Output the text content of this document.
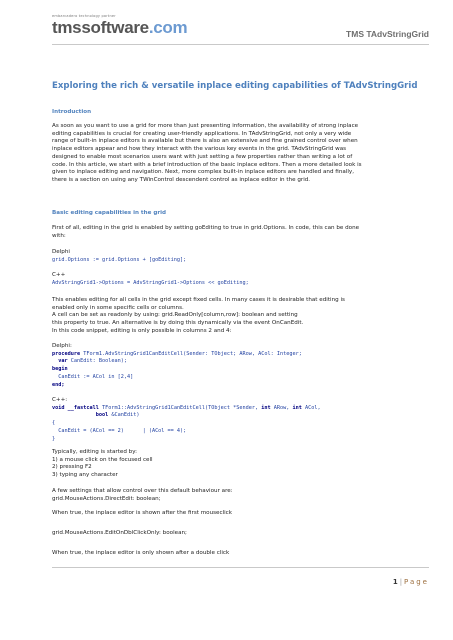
embarcadero technology partner
tmssoftware.com	TMS TAdvStringGrid
Exploring the rich & versatile inplace editing capabilities of TAdvStringGrid
Introduction

As soon as you want to use a grid for more than just presenting information, the availability of strong inplace

editing capabilities is crucial for creating user-friendly applications. In TAdvStringGrid, not only a very wide

range of built-in inplace editors is available but there is also an extensive and fine grained control over when

inplace editors appear and how they interact with the various key events in the grid. TAdvStringGrid was

designed to enable most scenarios users want with just setting a few properties rather than writing a lot of

code. In this article, we start with a brief introduction of the basic inplace editors. Then a more detailed look is

given to inplace editing and navigation. Next, more complex built-in inplace editors are handled and finally,

there is a section on using any TWinControl descendent control as inplace editor in the grid.

Basic editing capabilities in the grid

First of all, editing in the grid is enabled by setting goEditing to true in grid.Options. In code, this can be done

with:

Delphi

grid.Options := grid.Options + [goEditing];

C++

AdvStringGrid1->Options = AdvStringGrid1->Options << goEditing;

This enables editing for all cells in the grid except fixed cells. In many cases it is desirable that editing is

enabled only in some specific cells or columns.

A cell can be set as readonly by using: grid.ReadOnly[column,row]: boolean and setting

this property to true. An alternative is by doing this dynamically via the event OnCanEdit.

In this code snippet, editing is only possible in columns 2 and 4:

Delphi:

procedure TForm1.AdvStringGrid1CanEditCell(Sender: TObject; ARow, ACol: Integer;
var CanEdit: Boolean);
begin
CanEdit := ACol in [2,4]
end;

C++:

void __fastcall TForm1::AdvStringGrid1CanEditCell(TObject *Sender, int ARow, int ACol,
bool &CanEdit)
{
CanEdit = (ACol == 2)      | (ACol == 4);
}

Typically, editing is started by:

1) a mouse click on the focused cell

2) pressing F2

3) typing any character

A few settings that allow control over this default behaviour are:

grid.MouseActions.DirectEdit: boolean;

When true, the inplace editor is shown after the first mouseclick

grid.MouseActions.EditOnDblClickOnly: boolean;

When true, the inplace editor is only shown after a double click

1 | Page
